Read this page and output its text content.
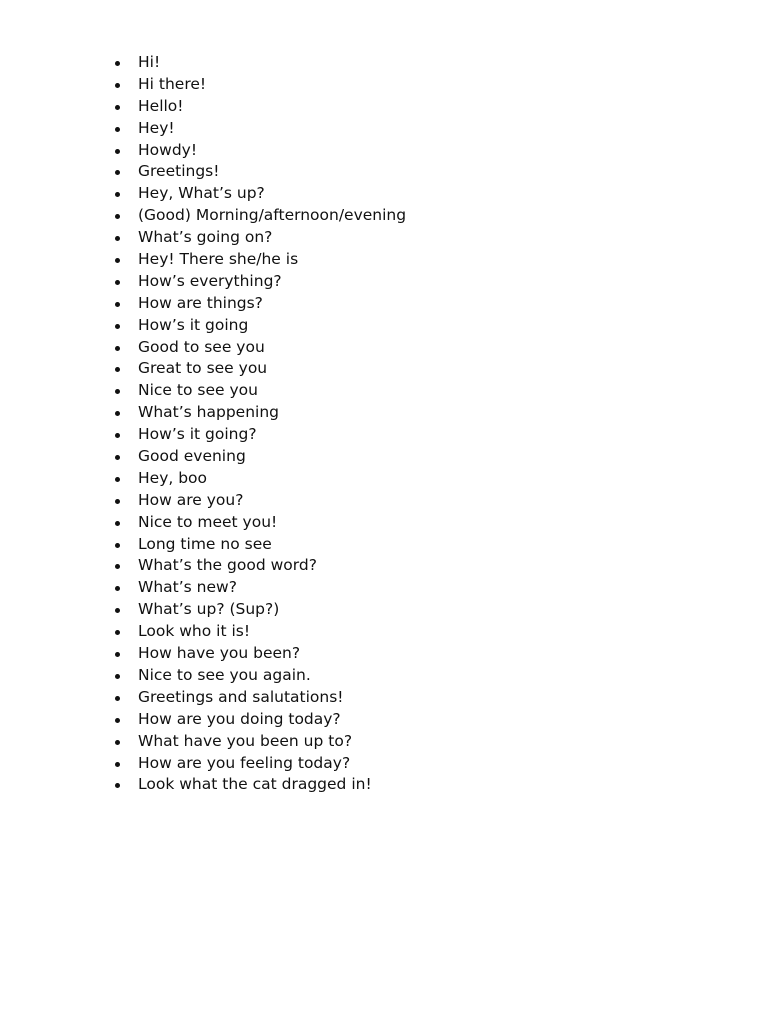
Hi!
Hi there!
Hello!
Hey!
Howdy!
Greetings!
Hey, What’s up?
(Good) Morning/afternoon/evening
What’s going on?
Hey! There she/he is
How’s everything?
How are things?
How’s it going
Good to see you
Great to see you
Nice to see you
What’s happening
How’s it going?
Good evening
Hey, boo
How are you?
Nice to meet you!
Long time no see
What’s the good word?
What’s new?
What’s up? (Sup?)
Look who it is!
How have you been?
Nice to see you again.
Greetings and salutations!
How are you doing today?
What have you been up to?
How are you feeling today?
Look what the cat dragged in!
